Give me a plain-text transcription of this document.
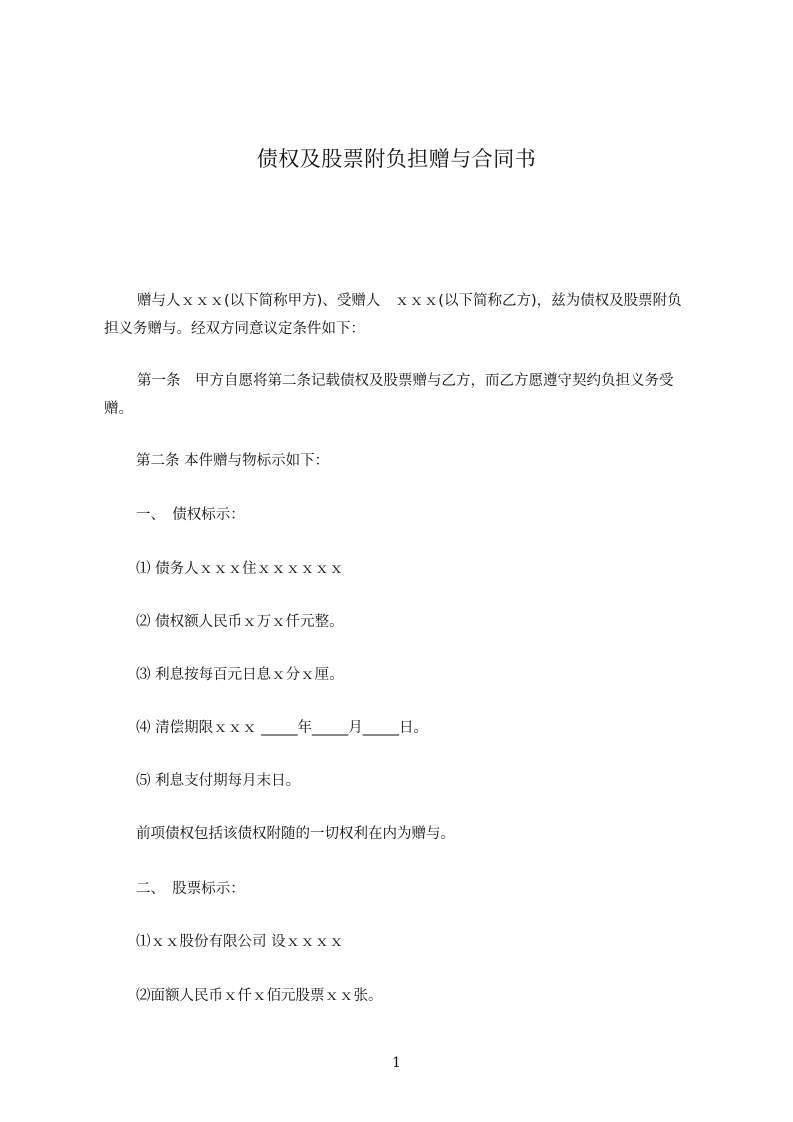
债权及股票附负担赠与合同书

赠与人ｘｘｘ(以下简称甲方)、受赠人　ｘｘｘ(以下简称乙方)，兹为债权及股票附负担义务赠与。经双方同意议定条件如下：

第一条　甲方自愿将第二条记载债权及股票赠与乙方，而乙方愿遵守契约负担义务受赠。

第二条 本件赠与物标示如下：
一、　债权标示：
⑴ 债务人ｘｘｘ住ｘｘｘｘｘｘ
⑵ 债权额人民币ｘ万ｘ仟元整。
⑶ 利息按每百元日息ｘ分ｘ厘。
⑷ 清偿期限ｘｘｘ _____年_____月_____日。
⑸ 利息支付期每月末日。
前项债权包括该债权附随的一切权利在内为赠与。
二、　股票标示：
⑴ｘｘ股份有限公司 设ｘｘｘｘ
⑵面额人民币ｘ仟ｘ佰元股票ｘｘ张。
1
